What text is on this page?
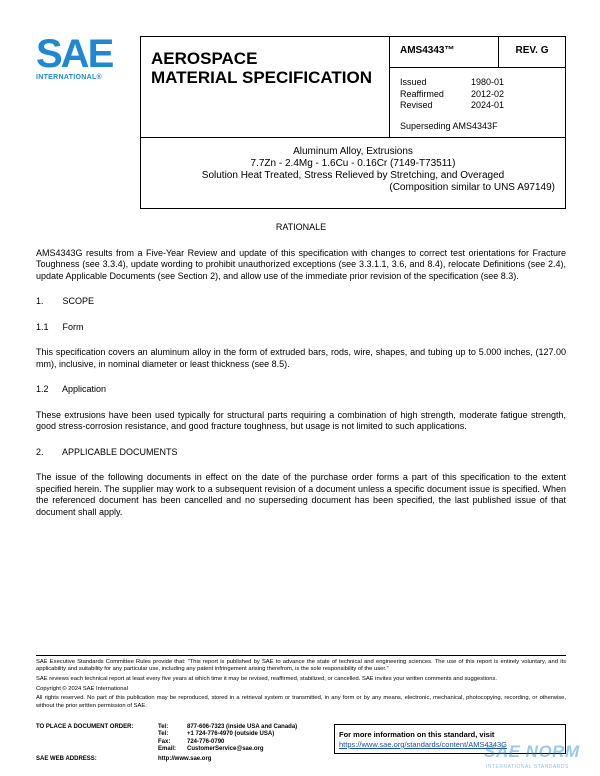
SAE
INTERNATIONAL®
AEROSPACE
MATERIAL SPECIFICATION
AMS4343™	REV. G
Issued	1980-01
Reaffirmed	2012-02
Revised	2024-01
Superseding AMS4343F
Aluminum Alloy, Extrusions
7.7Zn - 2.4Mg - 1.6Cu - 0.16Cr (7149-T73511)
Solution Heat Treated, Stress Relieved by Stretching, and Overaged
(Composition similar to UNS A97149)
RATIONALE
AMS4343G results from a Five-Year Review and update of this specification with changes to correct test orientations for Fracture Toughness (see 3.3.4), update wording to prohibit unauthorized exceptions (see 3.3.1.1, 3.6, and 8.4), relocate Definitions (see 2.4), update Applicable Documents (see Section 2), and allow use of the immediate prior revision of the specification (see 8.3).
1. SCOPE
1.1 Form
This specification covers an aluminum alloy in the form of extruded bars, rods, wire, shapes, and tubing up to 5.000 inches, (127.00 mm), inclusive, in nominal diameter or least thickness (see 8.5).
1.2 Application
These extrusions have been used typically for structural parts requiring a combination of high strength, moderate fatigue strength, good stress-corrosion resistance, and good fracture toughness, but usage is not limited to such applications.
2. APPLICABLE DOCUMENTS
The issue of the following documents in effect on the date of the purchase order forms a part of this specification to the extent specified herein. The supplier may work to a subsequent revision of a document unless a specific document issue is specified. When the referenced document has been cancelled and no superseding document has been specified, the last published issue of that document shall apply.

SAE Executive Standards Committee Rules provide that: “This report is published by SAE to advance the state of technical and engineering sciences. The use of this report is entirely voluntary, and its applicability and suitability for any particular use, including any patent infringement arising therefrom, is the sole responsibility of the user.”

SAE reviews each technical report at least every five years at which time it may be revised, reaffirmed, stabilized, or cancelled. SAE invites your written comments and suggestions.

Copyright © 2024 SAE International

All rights reserved. No part of this publication may be reproduced, stored in a retrieval system or transmitted, in any form or by any means, electronic, mechanical, photocopying, recording, or otherwise, without the prior written permission of SAE.

TO PLACE A DOCUMENT ORDER:	Tel:	877-606-7323 (inside USA and Canada)
Tel:	+1 724-776-4970 (outside USA)
Fax:	724-776-0790
Email:	CustomerService@sae.org
SAE WEB ADDRESS:	http://www.sae.org
For more information on this standard, visit
https://www.sae.org/standards/content/AMS4343G
SAE NORM
INTERNATIONAL STANDARDS
